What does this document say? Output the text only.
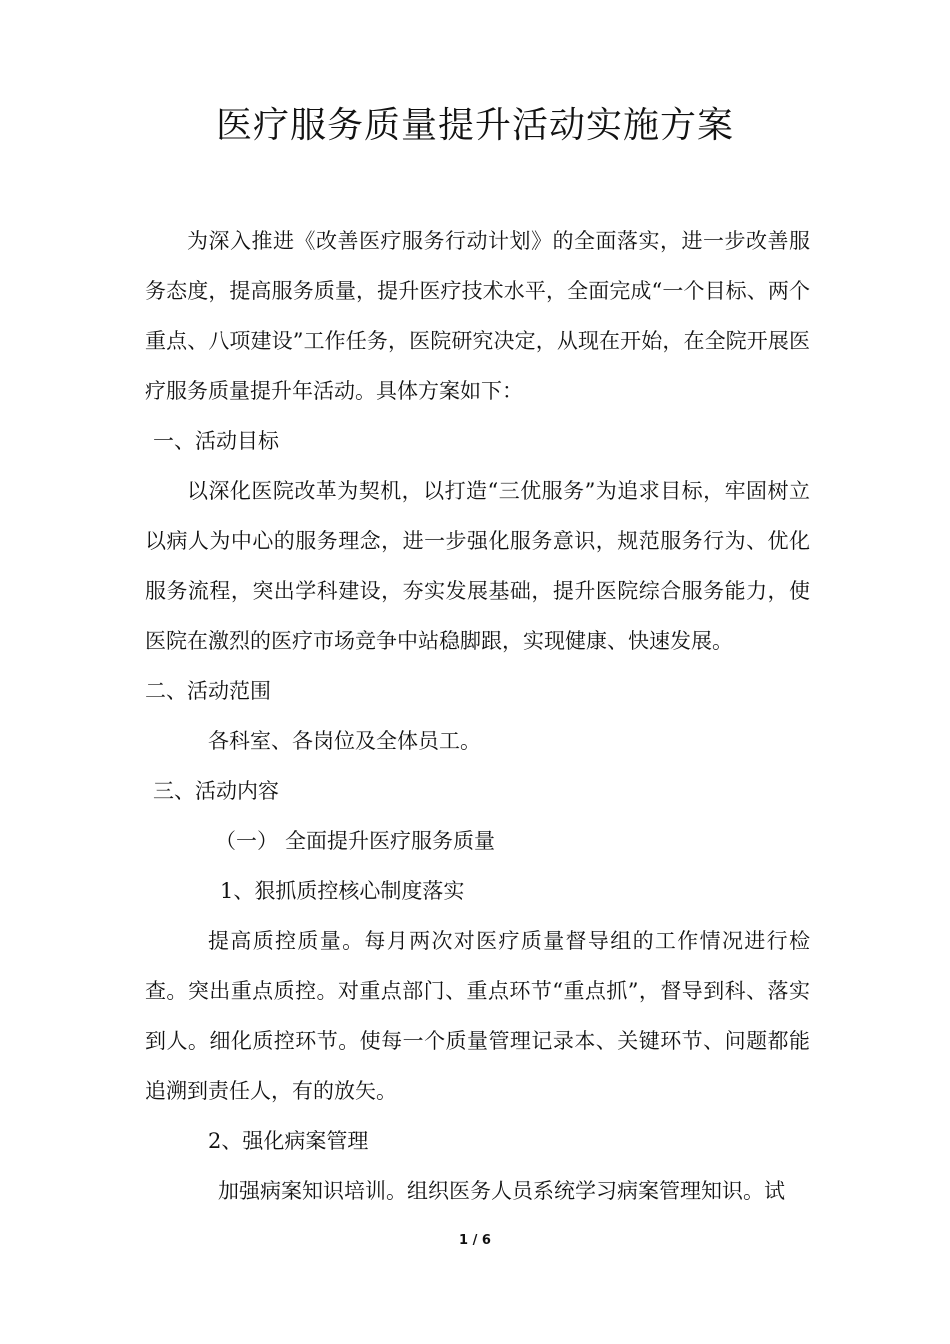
医疗服务质量提升活动实施方案

为深入推进《改善医疗服务行动计划》的全面落实，进一步改善服务态度，提高服务质量，提升医疗技术水平，全面完成“一个目标、两个重点、八项建设”工作任务，医院研究决定，从现在开始，在全院开展医疗服务质量提升年活动。具体方案如下：

一、活动目标

以深化医院改革为契机，以打造“三优服务”为追求目标，牢固树立以病人为中心的服务理念，进一步强化服务意识，规范服务行为、优化服务流程，突出学科建设，夯实发展基础，提升医院综合服务能力，使医院在激烈的医疗市场竞争中站稳脚跟，实现健康、快速发展。

二、活动范围

各科室、各岗位及全体员工。

三、活动内容

（一） 全面提升医疗服务质量

1、狠抓质控核心制度落实

提高质控质量。每月两次对医疗质量督导组的工作情况进行检查。突出重点质控。对重点部门、重点环节“重点抓”，督导到科、落实到人。细化质控环节。使每一个质量管理记录本、关键环节、问题都能追溯到责任人，有的放矢。

2、强化病案管理

加强病案知识培训。组织医务人员系统学习病案管理知识。试

1 / 6
